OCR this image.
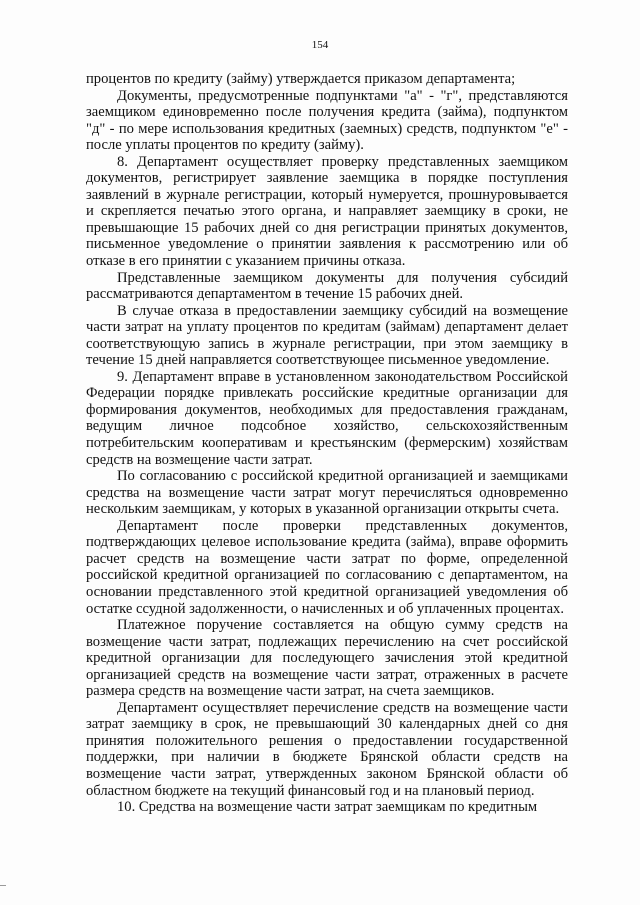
154

процентов по кредиту (займу) утверждается приказом департамента;

Документы, предусмотренные подпунктами "а" - "г", представляются заемщиком единовременно после получения кредита (займа), подпунктом "д" - по мере использования кредитных (заемных) средств, подпунктом "е" - после уплаты процентов по кредиту (займу).

8. Департамент осуществляет проверку представленных заемщиком документов, регистрирует заявление заемщика в порядке поступления заявлений в журнале регистрации, который нумеруется, прошнуровывается и скрепляется печатью этого органа, и направляет заемщику в сроки, не превышающие 15 рабочих дней со дня регистрации принятых документов, письменное уведомление о принятии заявления к рассмотрению или об отказе в его принятии с указанием причины отказа.

Представленные заемщиком документы для получения субсидий рассматриваются департаментом в течение 15 рабочих дней.

В случае отказа в предоставлении заемщику субсидий на возмещение части затрат на уплату процентов по кредитам (займам) департамент делает соответствующую запись в журнале регистрации, при этом заемщику в течение 15 дней направляется соответствующее письменное уведомление.

9. Департамент вправе в установленном законодательством Российской Федерации порядке привлекать российские кредитные организации для формирования документов, необходимых для предоставления гражданам, ведущим личное подсобное хозяйство, сельскохозяйственным потребительским кооперативам и крестьянским (фермерским) хозяйствам средств на возмещение части затрат.

По согласованию с российской кредитной организацией и заемщиками средства на возмещение части затрат могут перечисляться одновременно нескольким заемщикам, у которых в указанной организации открыты счета.

Департамент после проверки представленных документов, подтверждающих целевое использование кредита (займа), вправе оформить расчет средств на возмещение части затрат по форме, определенной российской кредитной организацией по согласованию с департаментом, на основании представленного этой кредитной организацией уведомления об остатке ссудной задолженности, о начисленных и об уплаченных процентах.

Платежное поручение составляется на общую сумму средств на возмещение части затрат, подлежащих перечислению на счет российской кредитной организации для последующего зачисления этой кредитной организацией средств на возмещение части затрат, отраженных в расчете размера средств на возмещение части затрат, на счета заемщиков.

Департамент осуществляет перечисление средств на возмещение части затрат заемщику в срок, не превышающий 30 календарных дней со дня принятия положительного решения о предоставлении государственной поддержки, при наличии в бюджете Брянской области средств на возмещение части затрат, утвержденных законом Брянской области об областном бюджете на текущий финансовый год и на плановый период.

10. Средства на возмещение части затрат заемщикам по кредитным
